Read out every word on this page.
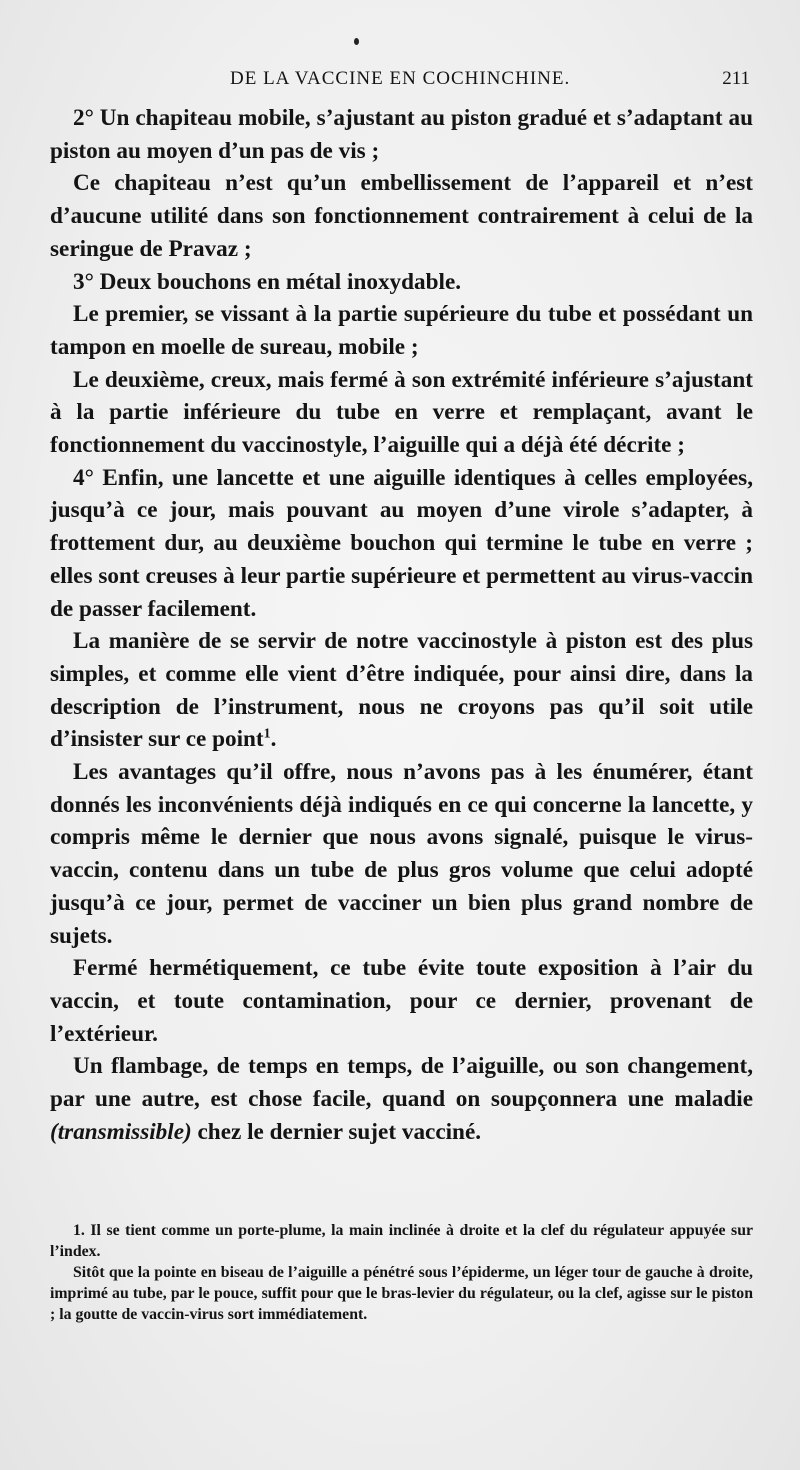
DE LA VACCINE EN COCHINCHINE.	211

2° Un chapiteau mobile, s’ajustant au piston gradué et s’adaptant au piston au moyen d’un pas de vis ;

Ce chapiteau n’est qu’un embellissement de l’appareil et n’est d’aucune utilité dans son fonctionnement contrairement à celui de la seringue de Pravaz ;

3° Deux bouchons en métal inoxydable.

Le premier, se vissant à la partie supérieure du tube et possédant un tampon en moelle de sureau, mobile ;

Le deuxième, creux, mais fermé à son extrémité inférieure s’ajustant à la partie inférieure du tube en verre et remplaçant, avant le fonctionnement du vaccinostyle, l’aiguille qui a déjà été décrite ;

4° Enfin, une lancette et une aiguille identiques à celles employées, jusqu’à ce jour, mais pouvant au moyen d’une virole s’adapter, à frottement dur, au deuxième bouchon qui termine le tube en verre ; elles sont creuses à leur partie supérieure et permettent au virus-vaccin de passer facilement.

La manière de se servir de notre vaccinostyle à piston est des plus simples, et comme elle vient d’être indiquée, pour ainsi dire, dans la description de l’instrument, nous ne croyons pas qu’il soit utile d’insister sur ce point$^1$.

Les avantages qu’il offre, nous n’avons pas à les énumérer, étant donnés les inconvénients déjà indiqués en ce qui concerne la lancette, y compris même le dernier que nous avons signalé, puisque le virus-vaccin, contenu dans un tube de plus gros volume que celui adopté jusqu’à ce jour, permet de vacciner un bien plus grand nombre de sujets.

Fermé hermétiquement, ce tube évite toute exposition à l’air du vaccin, et toute contamination, pour ce dernier, provenant de l’extérieur.

Un flambage, de temps en temps, de l’aiguille, ou son changement, par une autre, est chose facile, quand on soupçonnera une maladie (transmissible) chez le dernier sujet vacciné.

1. Il se tient comme un porte-plume, la main inclinée à droite et la clef du régulateur appuyée sur l’index.

Sitôt que la pointe en biseau de l’aiguille a pénétré sous l’épiderme, un léger tour de gauche à droite, imprimé au tube, par le pouce, suffit pour que le bras-levier du régulateur, ou la clef, agisse sur le piston ; la goutte de vaccin-virus sort immédiatement.
